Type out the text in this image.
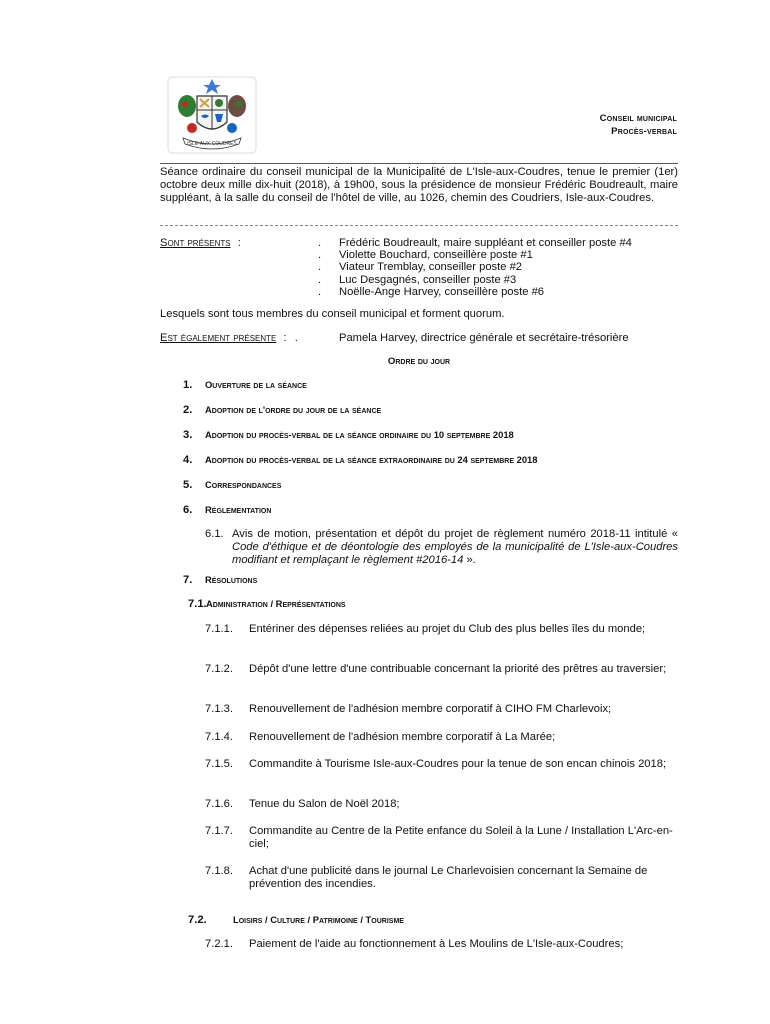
ISLE-AUX-COUDRES
Conseil municipal
Procès-verbal
Séance ordinaire du conseil municipal de la Municipalité de L'Isle-aux-Coudres, tenue le premier (1er) octobre deux mille dix-huit (2018), à 19h00, sous la présidence de monsieur Frédéric Boudreault, maire suppléant, à la salle du conseil de l'hôtel de ville, au 1026, chemin des Coudriers, Isle-aux-Coudres.
Sont présents :	. Frédéric Boudreault, maire suppléant et conseiller poste #4
. Violette Bouchard, conseillère poste #1
. Viateur Tremblay, conseiller poste #2
. Luc Desgagnés, conseiller poste #3
. Noëlle-Ange Harvey, conseillère poste #6
Lesquels sont tous membres du conseil municipal et forment quorum.
Est également présente : .	Pamela Harvey, directrice générale et secrétaire-trésorière
Ordre du jour
1. Ouverture de la séance
2. Adoption de l'ordre du jour de la séance
3. Adoption du procès-verbal de la séance ordinaire du 10 septembre 2018
4. Adoption du procès-verbal de la séance extraordinaire du 24 septembre 2018
5. Correspondances
6. Réglementation
6.1. Avis de motion, présentation et dépôt du projet de règlement numéro 2018-11 intitulé « Code d'éthique et de déontologie des employés de la municipalité de L'Isle-aux-Coudres modifiant et remplaçant le règlement #2016-14 ».
7. Résolutions
7.1.Administration / Représentations
7.1.1. Entériner des dépenses reliées au projet du Club des plus belles îles du monde;
7.1.2. Dépôt d'une lettre d'une contribuable concernant la priorité des prêtres au traversier;
7.1.3. Renouvellement de l'adhésion membre corporatif à CIHO FM Charlevoix;
7.1.4. Renouvellement de l'adhésion membre corporatif à La Marée;
7.1.5. Commandite à Tourisme Isle-aux-Coudres pour la tenue de son encan chinois 2018;
7.1.6. Tenue du Salon de Noël 2018;
7.1.7. Commandite au Centre de la Petite enfance du Soleil à la Lune / Installation L'Arc-en-ciel;
7.1.8. Achat d'une publicité dans le journal Le Charlevoisien concernant la Semaine de prévention des incendies.
7.2.	Loisirs / Culture / Patrimoine / Tourisme
7.2.1. Paiement de l'aide au fonctionnement à Les Moulins de L'Isle-aux-Coudres;
